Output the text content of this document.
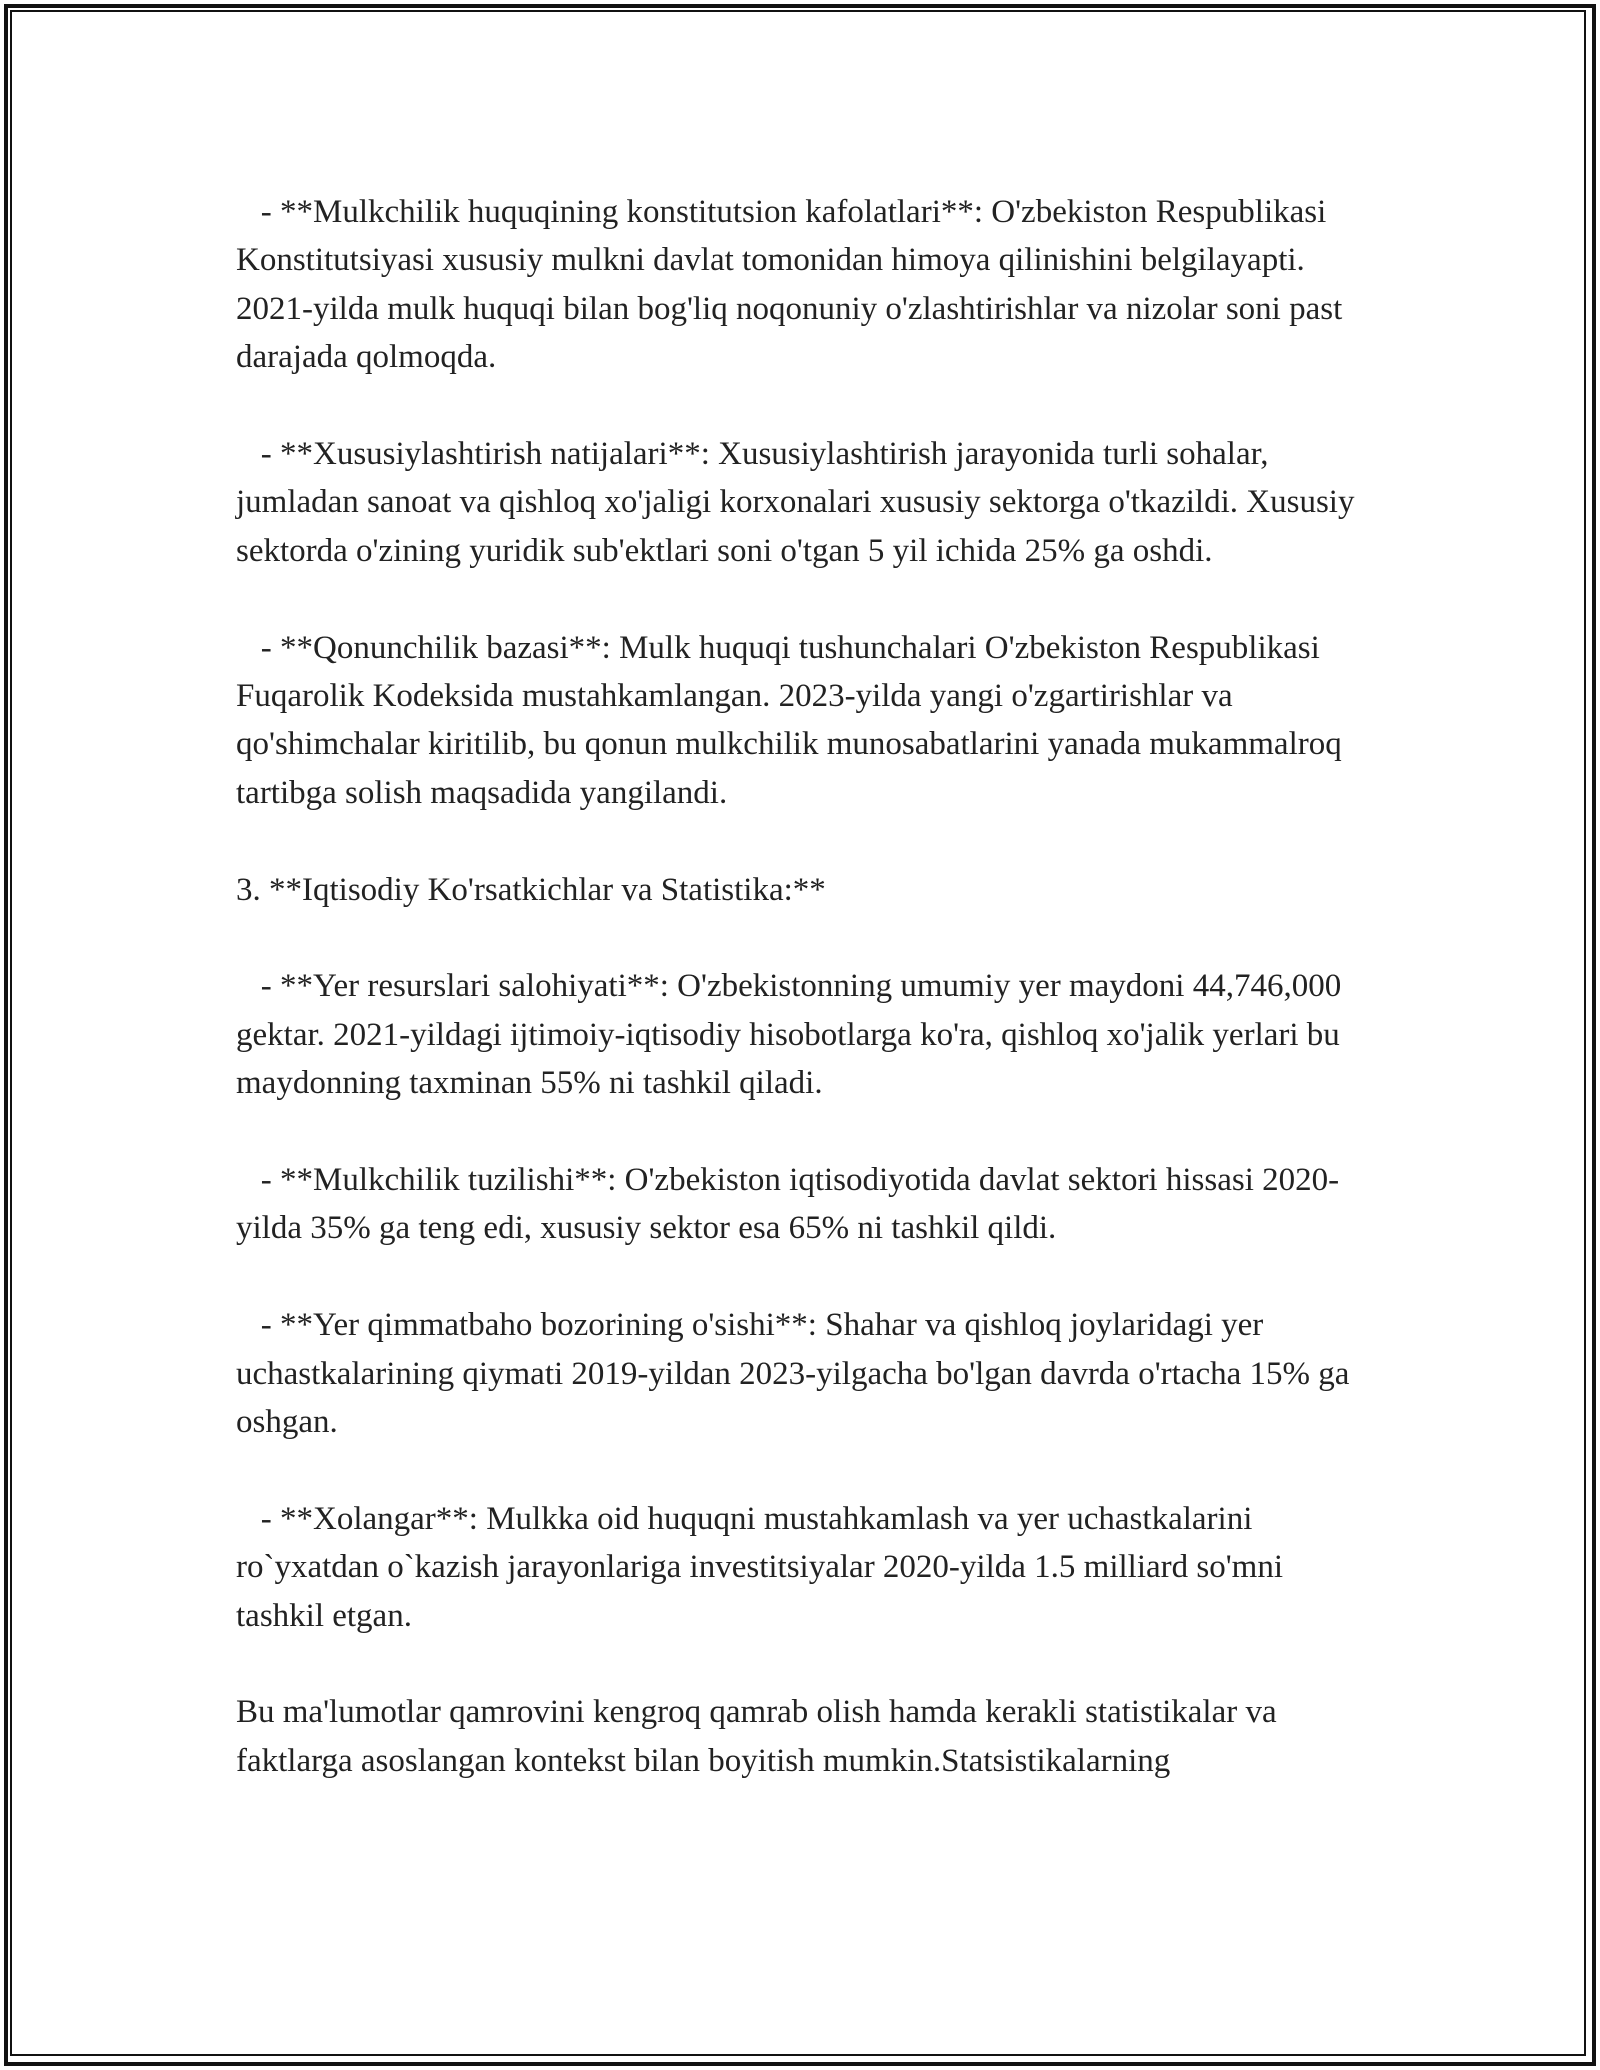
- **Mulkchilik huquqining konstitutsion kafolatlari**: O'zbekiston Respublikasi Konstitutsiyasi xususiy mulkni davlat tomonidan himoya qilinishini belgilayapti. 2021-yilda mulk huquqi bilan bog'liq noqonuniy o'zlashtirishlar va nizolar soni past darajada qolmoqda.

- **Xususiylashtirish natijalari**: Xususiylashtirish jarayonida turli sohalar, jumladan sanoat va qishloq xo'jaligi korxonalari xususiy sektorga o'tkazildi. Xususiy sektorda o'zining yuridik sub'ektlari soni o'tgan 5 yil ichida 25% ga oshdi.

- **Qonunchilik bazasi**: Mulk huquqi tushunchalari O'zbekiston Respublikasi Fuqarolik Kodeksida mustahkamlangan. 2023-yilda yangi o'zgartirishlar va qo'shimchalar kiritilib, bu qonun mulkchilik munosabatlarini yanada mukammalroq tartibga solish maqsadida yangilandi.

3. **Iqtisodiy Ko'rsatkichlar va Statistika:**

- **Yer resurslari salohiyati**: O'zbekistonning umumiy yer maydoni 44,746,000 gektar. 2021-yildagi ijtimoiy-iqtisodiy hisobotlarga ko'ra, qishloq xo'jalik yerlari bu maydonning taxminan 55% ni tashkil qiladi.

- **Mulkchilik tuzilishi**: O'zbekiston iqtisodiyotida davlat sektori hissasi 2020-yilda 35% ga teng edi, xususiy sektor esa 65% ni tashkil qildi.

- **Yer qimmatbaho bozorining o'sishi**: Shahar va qishloq joylaridagi yer uchastkalarining qiymati 2019-yildan 2023-yilgacha bo'lgan davrda o'rtacha 15% ga oshgan.

- **Xolangar**: Mulkka oid huquqni mustahkamlash va yer uchastkalarini ro`yxatdan o`kazish jarayonlariga investitsiyalar 2020-yilda 1.5 milliard so'mni tashkil etgan.

Bu ma'lumotlar qamrovini kengroq qamrab olish hamda kerakli statistikalar va faktlarga asoslangan kontekst bilan boyitish mumkin.Statsistikalarning
